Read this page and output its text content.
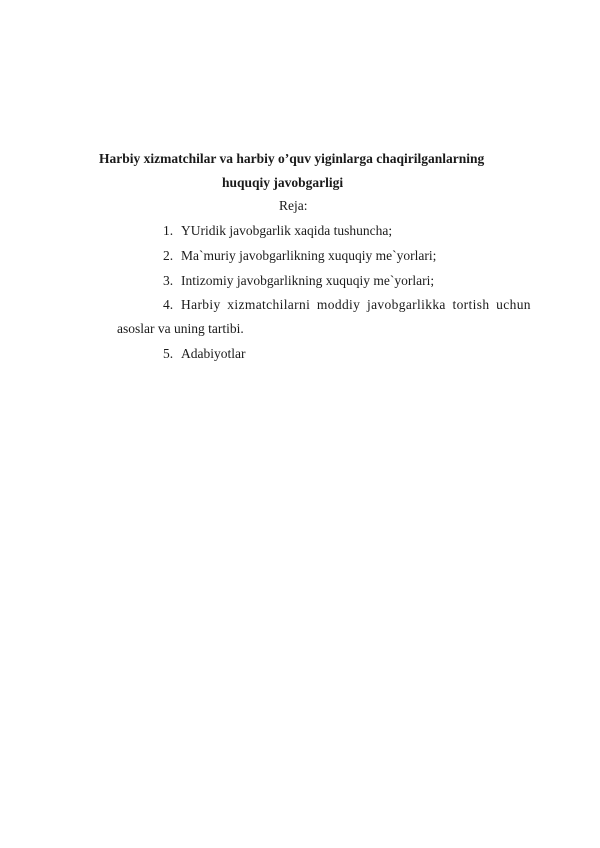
Harbiy xizmatchilar va harbiy o’quv yiginlarga chaqirilganlarning
huquqiy javobgarligi
Reja:
1. YUridik javobgarlik xaqida tushuncha;
2. Ma`muriy javobgarlikning xuquqiy me`yorlari;
3. Intizomiy javobgarlikning xuquqiy me`yorlari;
4. Harbiy xizmatchilarni moddiy javobgarlikka tortish uchun
asoslar va uning tartibi.
5. Adabiyotlar
